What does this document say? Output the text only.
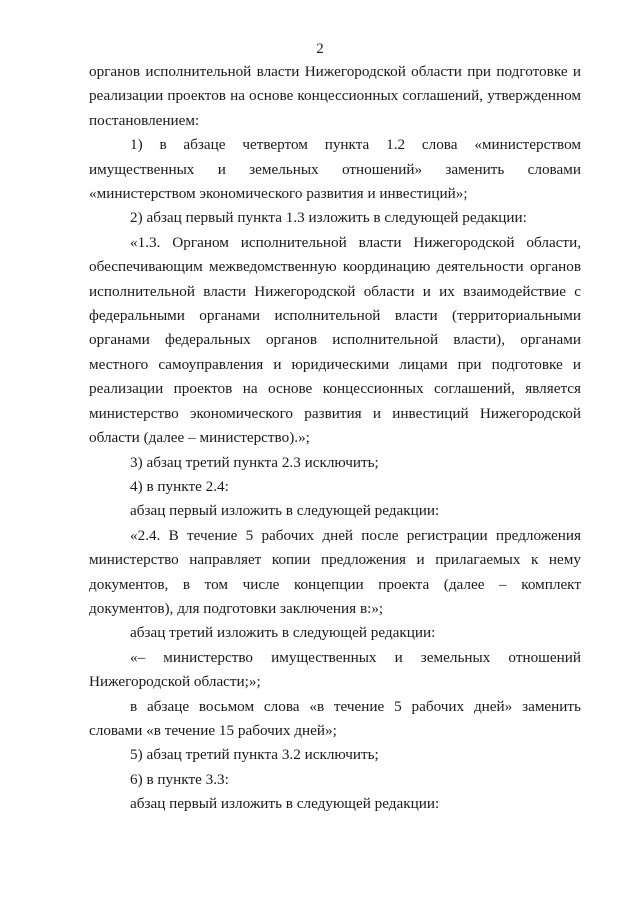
2

органов исполнительной власти Нижегородской области при подготовке и реализации проектов на основе концессионных соглашений, утвержденном постановлением:

1) в абзаце четвертом пункта 1.2 слова «министерством имущественных и земельных отношений» заменить словами «министерством экономического развития и инвестиций»;

2) абзац первый пункта 1.3 изложить в следующей редакции:

«1.3. Органом исполнительной власти Нижегородской области, обеспечивающим межведомственную координацию деятельности органов исполнительной власти Нижегородской области и их взаимодействие с федеральными органами исполнительной власти (территориальными органами федеральных органов исполнительной власти), органами местного самоуправления и юридическими лицами при подготовке и реализации проектов на основе концессионных соглашений, является министерство экономического развития и инвестиций Нижегородской области (далее – министерство).»;

3) абзац третий пункта 2.3 исключить;

4) в пункте 2.4:

абзац первый изложить в следующей редакции:

«2.4. В течение 5 рабочих дней после регистрации предложения министерство направляет копии предложения и прилагаемых к нему документов, в том числе концепции проекта (далее – комплект документов), для подготовки заключения в:»;

абзац третий изложить в следующей редакции:

«– министерство имущественных и земельных отношений Нижегородской области;»;

в абзаце восьмом слова «в течение 5 рабочих дней» заменить словами «в течение 15 рабочих дней»;

5) абзац третий пункта 3.2 исключить;

6) в пункте 3.3:

абзац первый изложить в следующей редакции:
